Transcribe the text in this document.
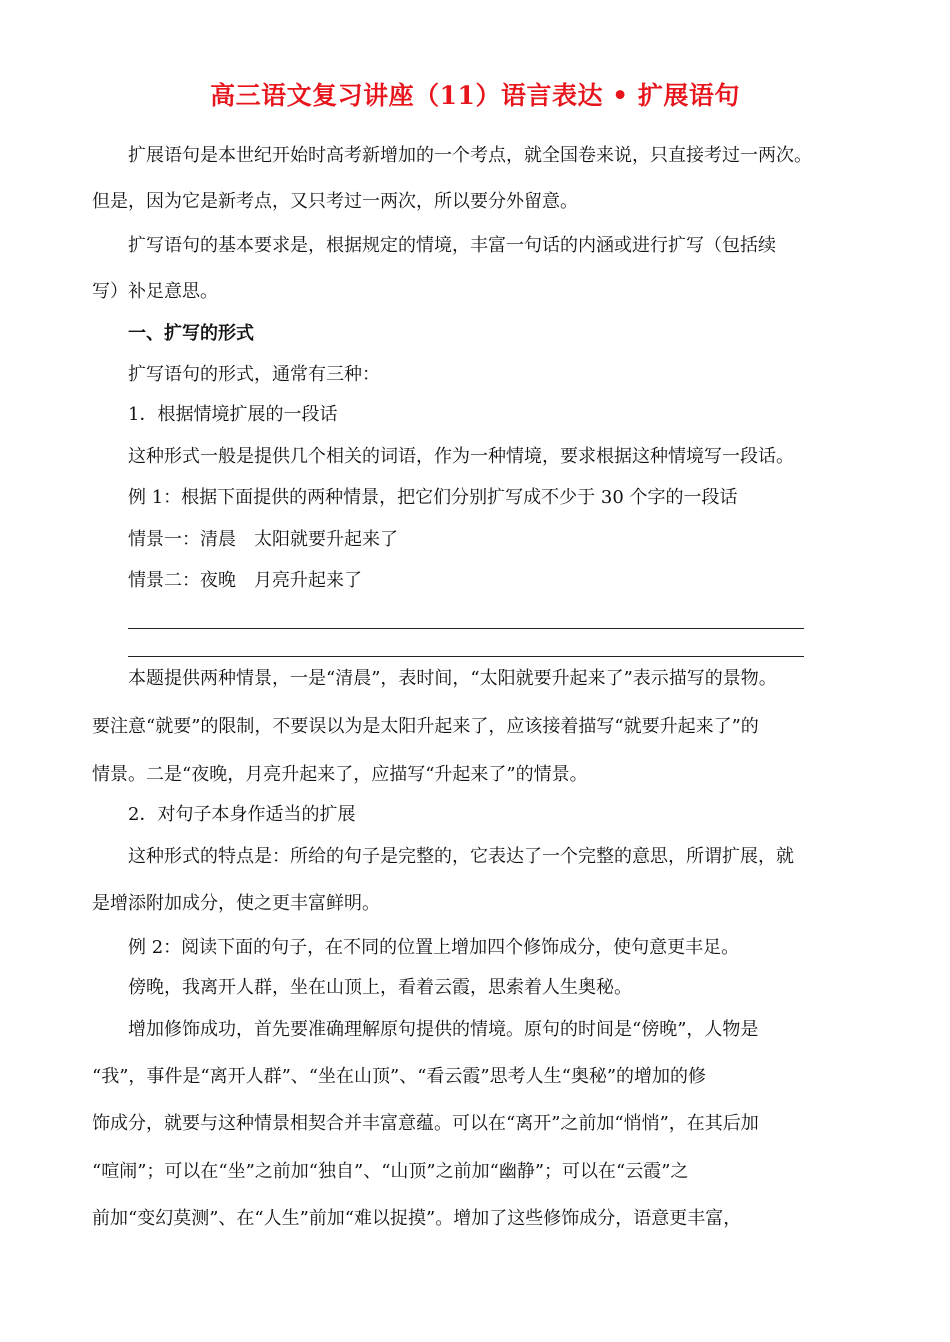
高三语文复习讲座（11）语言表达 • 扩展语句
扩展语句是本世纪开始时高考新增加的一个考点，就全国卷来说，只直接考过一两次。
但是，因为它是新考点，又只考过一两次，所以要分外留意。
扩写语句的基本要求是，根据规定的情境，丰富一句话的内涵或进行扩写（包括续
写）补足意思。
一、扩写的形式
扩写语句的形式，通常有三种：
1．根据情境扩展的一段话
这种形式一般是提供几个相关的词语，作为一种情境，要求根据这种情境写一段话。
例 1：根据下面提供的两种情景，把它们分别扩写成不少于 30 个字的一段话
情景一：清晨　太阳就要升起来了
情景二：夜晚　月亮升起来了
本题提供两种情景，一是“清晨”，表时间，“太阳就要升起来了”表示描写的景物。
要注意“就要”的限制，不要误以为是太阳升起来了，应该接着描写“就要升起来了”的
情景。二是“夜晚，月亮升起来了，应描写“升起来了”的情景。
2．对句子本身作适当的扩展
这种形式的特点是：所给的句子是完整的，它表达了一个完整的意思，所谓扩展，就
是增添附加成分，使之更丰富鲜明。
例 2：阅读下面的句子，在不同的位置上增加四个修饰成分，使句意更丰足。
傍晚，我离开人群，坐在山顶上，看着云霞，思索着人生奥秘。
增加修饰成功，首先要准确理解原句提供的情境。原句的时间是“傍晚”，人物是
“我”，事件是“离开人群”、“坐在山顶”、“看云霞”思考人生“奥秘”的增加的修
饰成分，就要与这种情景相契合并丰富意蕴。可以在“离开”之前加“悄悄”，在其后加
“喧闹”；可以在“坐”之前加“独自”、“山顶”之前加“幽静”；可以在“云霞”之
前加“变幻莫测”、在“人生”前加“难以捉摸”。增加了这些修饰成分，语意更丰富，
